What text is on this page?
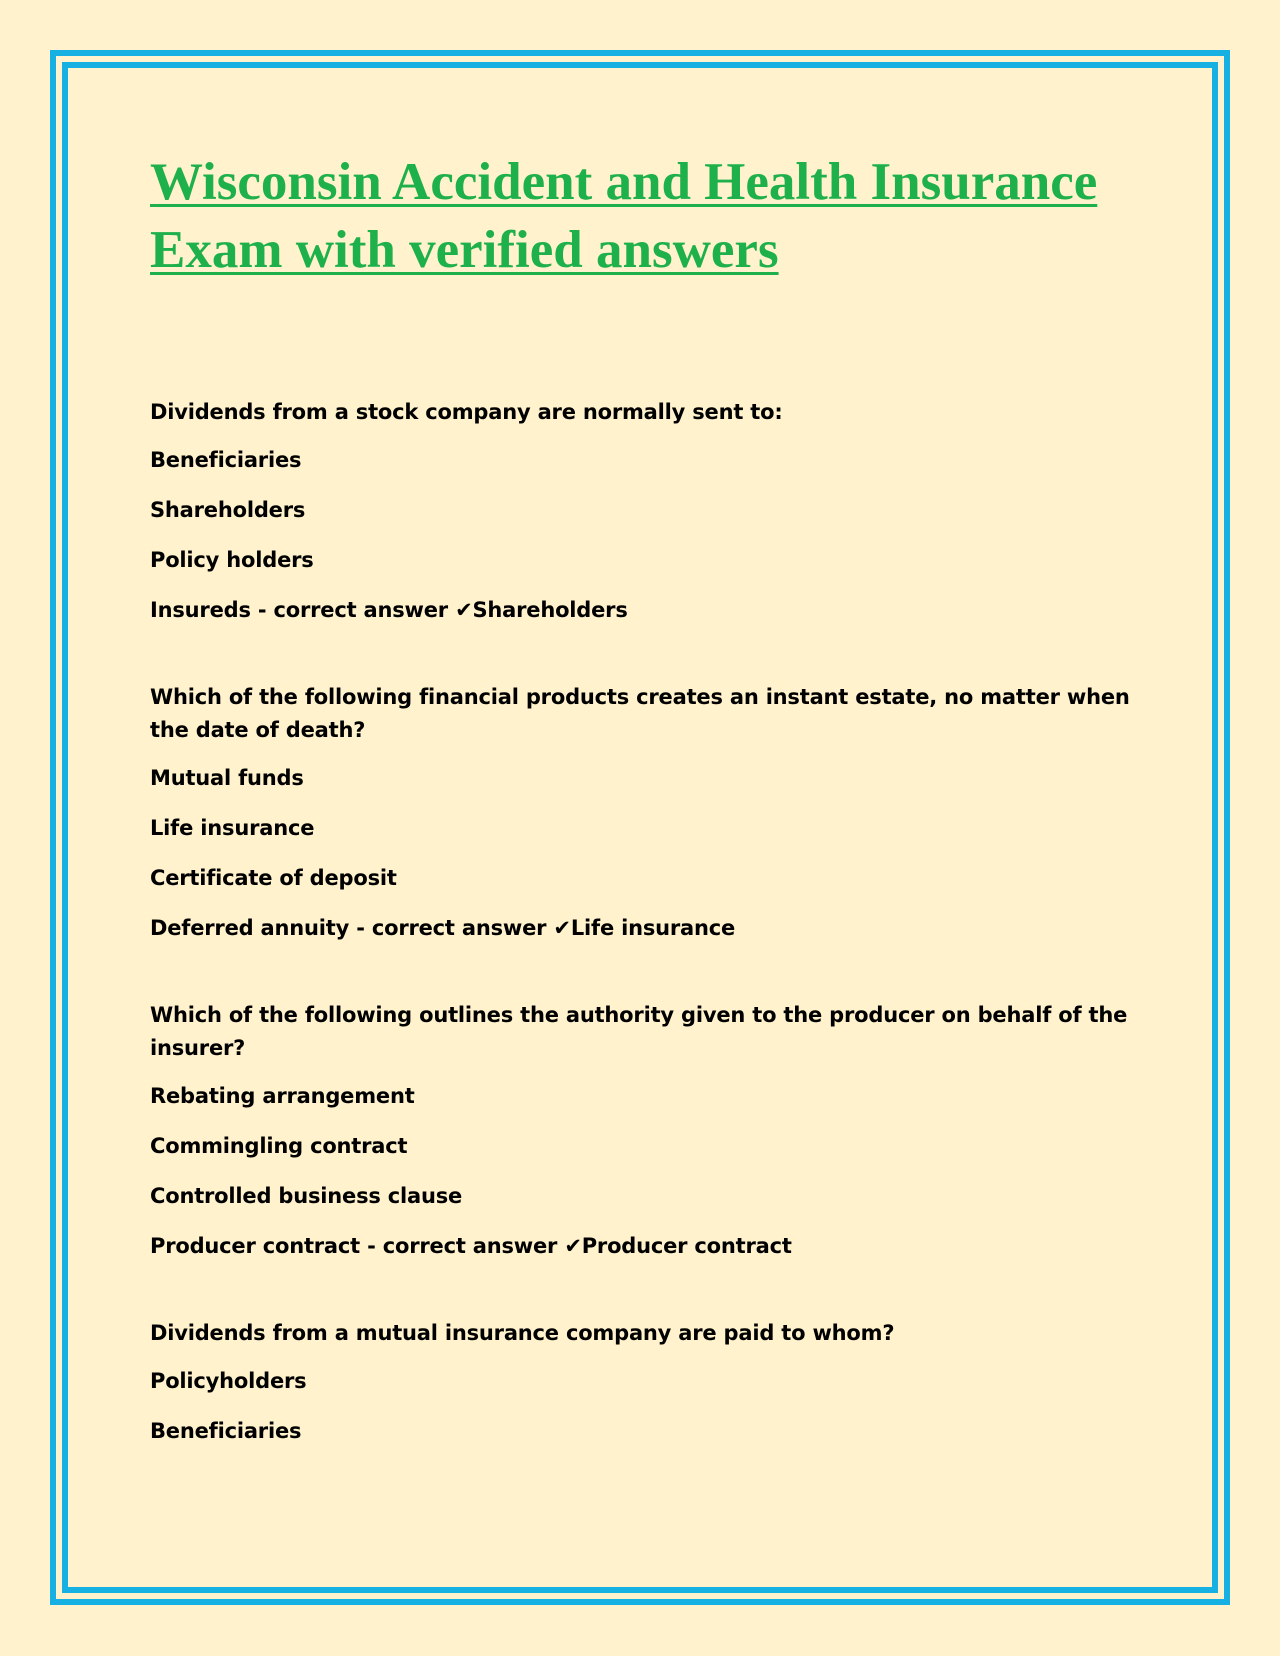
Wisconsin Accident and Health Insurance Exam with verified answers
Dividends from a stock company are normally sent to:
Beneficiaries
Shareholders
Policy holders
Insureds - correct answer ✔Shareholders
Which of the following financial products creates an instant estate, no matter when the date of death?
Mutual funds
Life insurance
Certificate of deposit
Deferred annuity - correct answer ✔Life insurance
Which of the following outlines the authority given to the producer on behalf of the insurer?
Rebating arrangement
Commingling contract
Controlled business clause
Producer contract - correct answer ✔Producer contract
Dividends from a mutual insurance company are paid to whom?
Policyholders
Beneficiaries
